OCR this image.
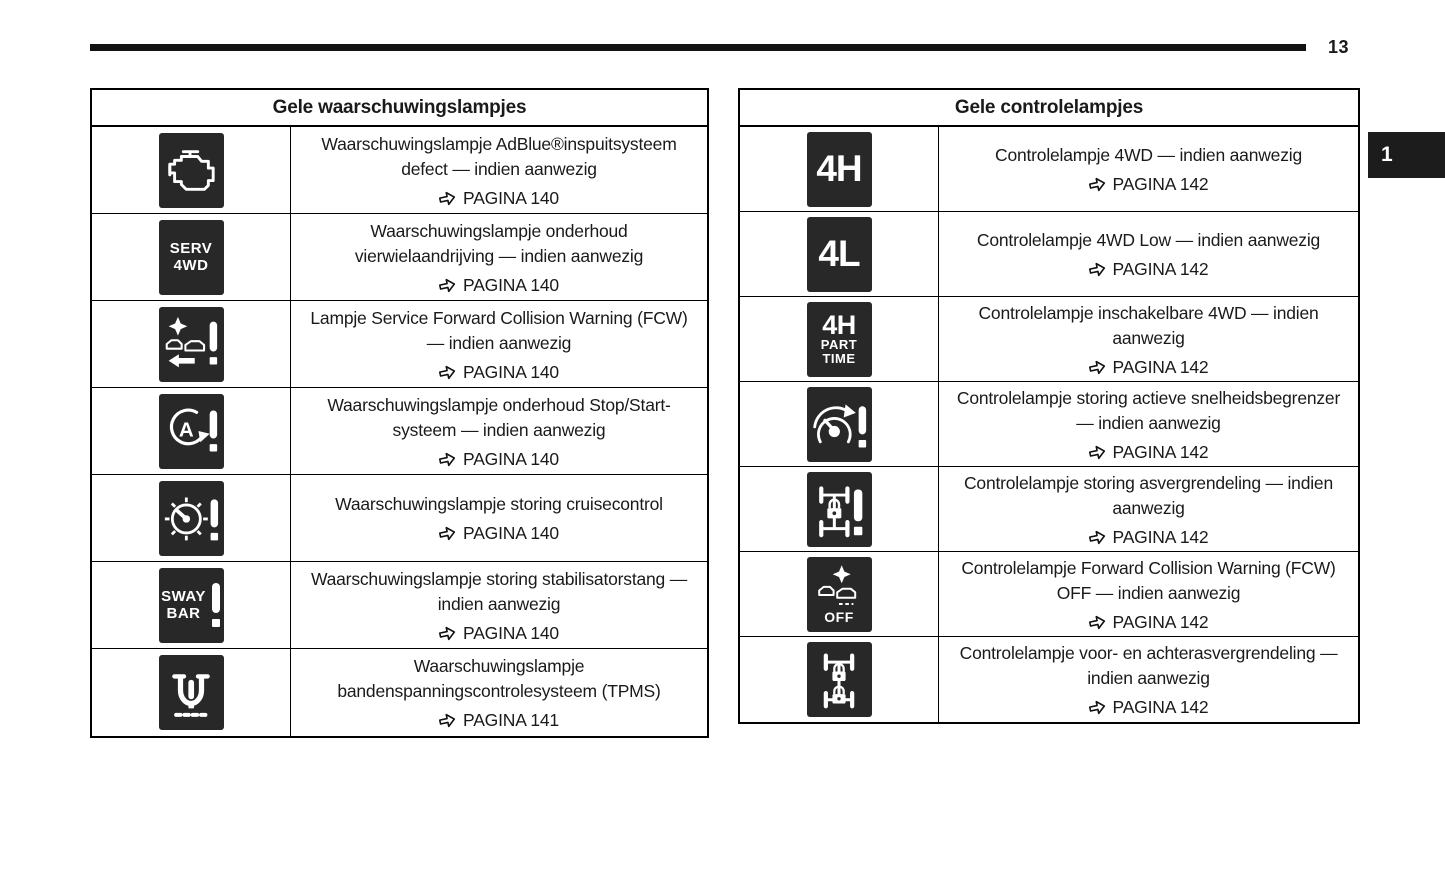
13
1
Gele waarschuwingslampjes
Waarschuwingslampje AdBlue®inspuitsysteem defect — indien aanwezig
PAGINA 140
SERV
4WD
Waarschuwingslampje onderhoud vierwielaandrijving — indien aanwezig
PAGINA 140
Lampje Service Forward Collision Warning (FCW) — indien aanwezig
PAGINA 140
A
Waarschuwingslampje onderhoud Stop/Start-systeem — indien aanwezig
PAGINA 140
Waarschuwingslampje storing cruisecontrol
PAGINA 140
SWAY
BAR
Waarschuwingslampje storing stabilisatorstang — indien aanwezig
PAGINA 140
Waarschuwingslampje bandenspanningscontrolesysteem (TPMS)
PAGINA 141
Gele controlelampjes
4H	Controlelampje 4WD — indien aanwezig
PAGINA 142
4L	Controlelampje 4WD Low — indien aanwezig
PAGINA 142
4H
PART
TIME
Controlelampje inschakelbare 4WD — indien aanwezig
PAGINA 142
Controlelampje storing actieve snelheidsbegrenzer — indien aanwezig
PAGINA 142
Controlelampje storing asvergrendeling — indien aanwezig
PAGINA 142
OFF
Controlelampje Forward Collision Warning (FCW) OFF — indien aanwezig
PAGINA 142
Controlelampje voor- en achterasvergrendeling — indien aanwezig
PAGINA 142
